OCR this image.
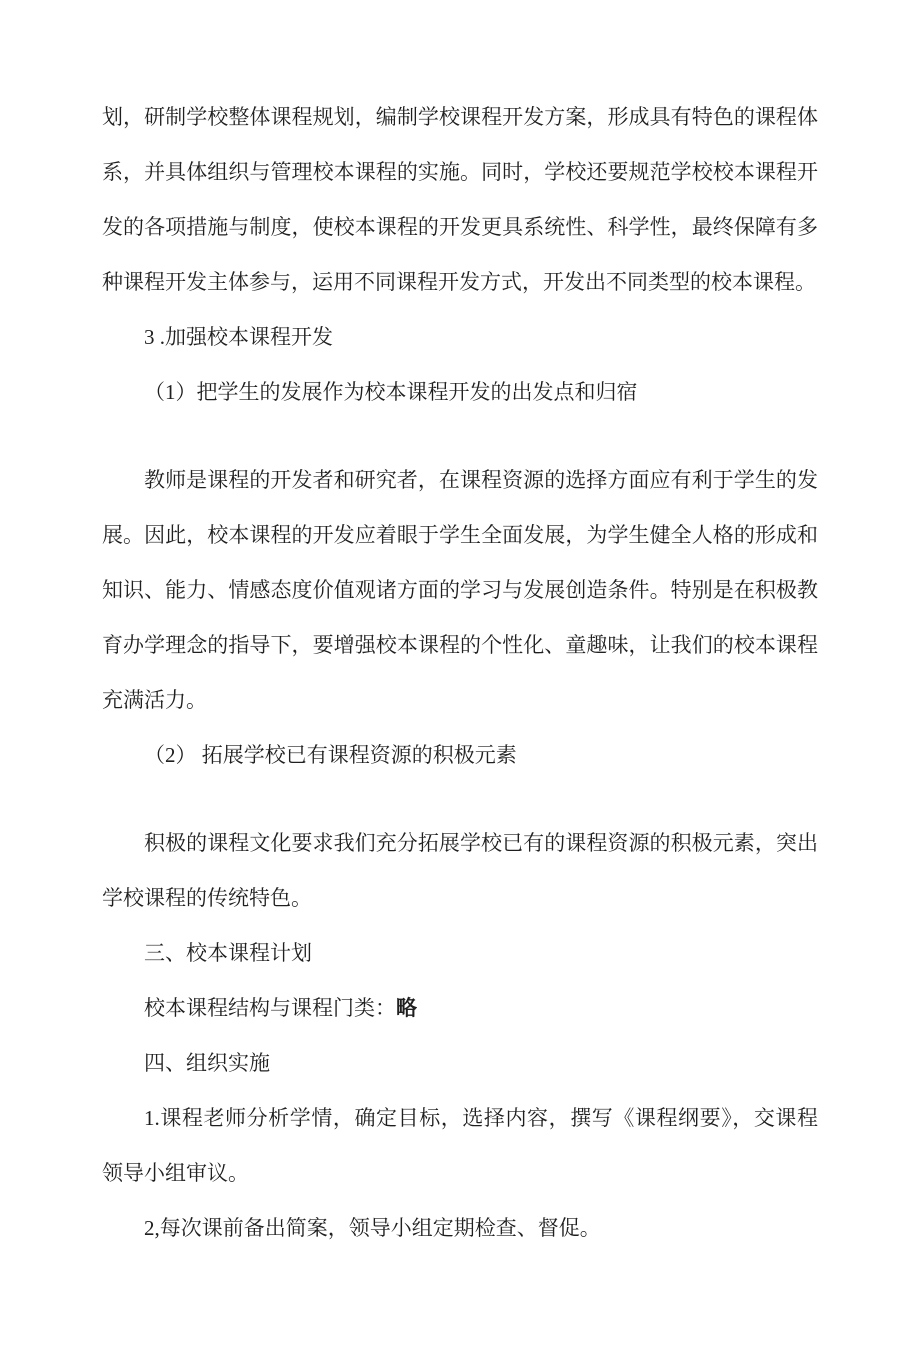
划，研制学校整体课程规划，编制学校课程开发方案，形成具有特色的课程体系，并具体组织与管理校本课程的实施。同时，学校还要规范学校校本课程开发的各项措施与制度，使校本课程的开发更具系统性、科学性，最终保障有多种课程开发主体参与，运用不同课程开发方式，开发出不同类型的校本课程。

3 .加强校本课程开发

（1）把学生的发展作为校本课程开发的出发点和归宿

教师是课程的开发者和研究者，在课程资源的选择方面应有利于学生的发展。因此，校本课程的开发应着眼于学生全面发展，为学生健全人格的形成和知识、能力、情感态度价值观诸方面的学习与发展创造条件。特别是在积极教育办学理念的指导下，要增强校本课程的个性化、童趣味，让我们的校本课程充满活力。

（2） 拓展学校已有课程资源的积极元素

积极的课程文化要求我们充分拓展学校已有的课程资源的积极元素，突出学校课程的传统特色。

三、校本课程计划

校本课程结构与课程门类：略

四、组织实施

1.课程老师分析学情，确定目标，选择内容，撰写《课程纲要》，交课程领导小组审议。

2,每次课前备出简案，领导小组定期检查、督促。
